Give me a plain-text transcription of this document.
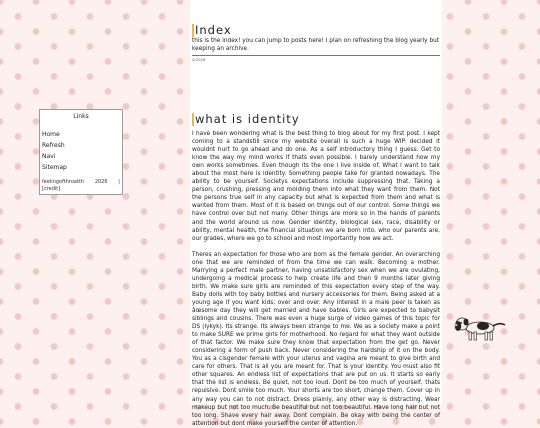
Links
Home
Refresh
Navi
Sitemap
feelingofthroatth 2026 |
[credit]
Index
this is the index! you can jump to posts here! I plan on refreshing the blog yearly but keeping an archive.
4/2026
what is identity

I have been wondering what is the best thing to blog about for my first post. I kept coming to a standstill since my website overall is such a huge WIP. decided it wouldnt hurt to go ahead and do one. As a self introductory thing I guess. Get to know the way my mind works if thats even possible. I barely understand how my own works sometimes. Even though its the one I live inside of. What I want to talk about the most here is identity. Something people take for granted nowadays. The ability to be yourself. Societys expectations include suppressing that. Taking a person, crushing, pressing and molding them into what they want from them. Not the persons true self in any capacity but what is expected from them and what is wanted from them. Most of it is based on things out of our control. Some things we have control over but not many. Other things are more so in the hands of parents and the world around us now. Gender identity, biological sex, race, disability or ability, mental health, the financial situation we are born into, who our parents are, our grades, where we go to school and most importantly how we act.

Theres an expectation for those who are born as the female gender. An overarching one that we are reminded of from the time we can walk. Becoming a mother. Marrying a perfect male partner, having unsatisfactory sex when we are ovulating, undergoing a medical process to help create life and then 9 months later giving birth. We make sure girls are reminded of this expectation every step of the way. Baby dolls with toy baby bottles and nursery accessories for them. Being asked at a young age if you want kids; over and over. Any interest in a male peer is taken as âœsome day they will get married and have babies. Girls are expected to babysit siblings and cousins. There was even a huge surge of video games of this topic for DS (lykyk). Its strange. Its always been strange to me. We as a society make a point to make SURE we prime girls for motherhood. No regard for what they want outside of that factor. We make sure they know that expectation from the get go. Never considering a form of push back. Never considering the hardship of it on the body. You as a cisgender female with your uterus and vagina are meant to give birth and care for others. That is all you are meant for. That is your identity. You must also fit other squares. An endless list of expectations that are put on us. It starts so early that the list is endless. Be quiet, not too loud. Dont be too much of yourself, thats repulsive. Dont smile too much. Your shorts are too short, change them. Cover up in any way you can to not distract. Dress plainly, any other way is distracting. Wear makeup but not too much. Be beautiful but not too beautiful. Have long hair but not too long. Shave every hair away. Dont complain. Be okay with being the center of attention but dont make yourself the center of attention.
